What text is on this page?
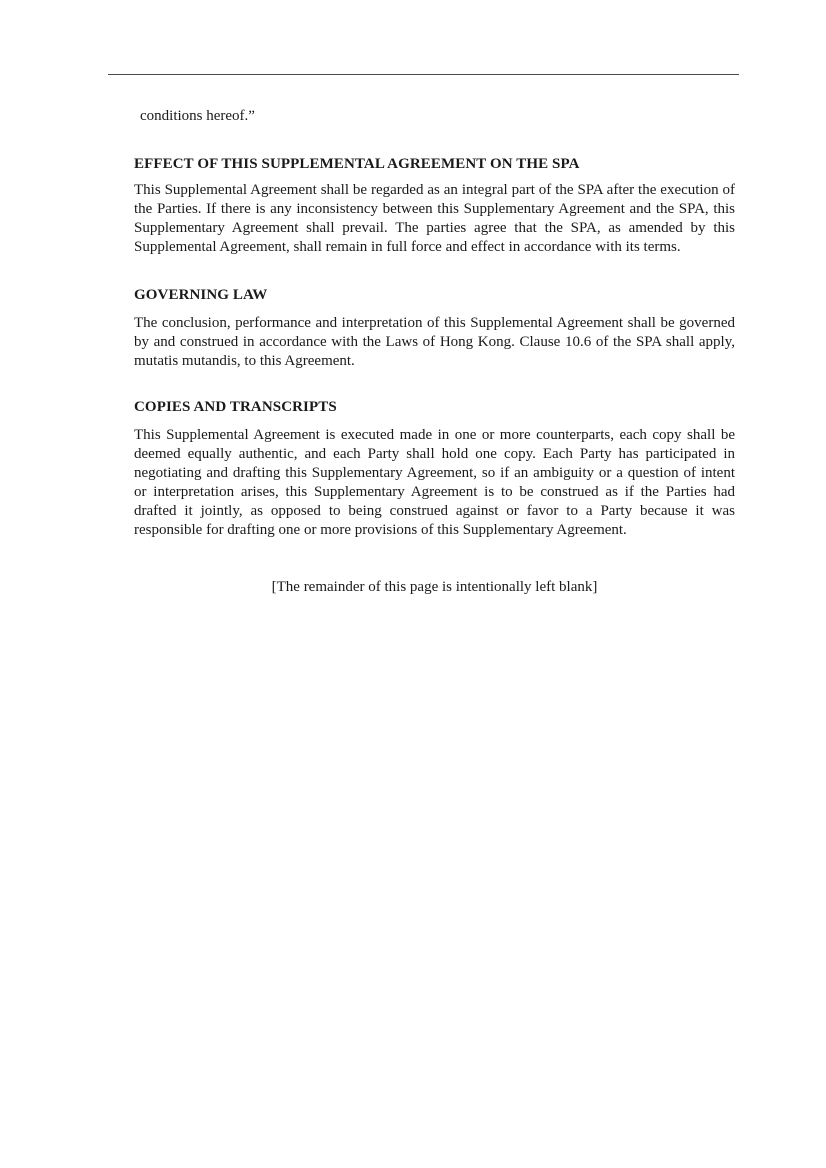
conditions hereof.”
EFFECT OF THIS SUPPLEMENTAL AGREEMENT ON THE SPA

This Supplemental Agreement shall be regarded as an integral part of the SPA after the execution of the Parties. If there is any inconsistency between this Supplementary Agreement and the SPA, this Supplementary Agreement shall prevail. The parties agree that the SPA, as amended by this Supplemental Agreement, shall remain in full force and effect in accordance with its terms.

GOVERNING LAW

The conclusion, performance and interpretation of this Supplemental Agreement shall be governed by and construed in accordance with the Laws of Hong Kong. Clause 10.6 of the SPA shall apply, mutatis mutandis, to this Agreement.

COPIES AND TRANSCRIPTS

This Supplemental Agreement is executed made in one or more counterparts, each copy shall be deemed equally authentic, and each Party shall hold one copy. Each Party has participated in negotiating and drafting this Supplementary Agreement, so if an ambiguity or a question of intent or interpretation arises, this Supplementary Agreement is to be construed as if the Parties had drafted it jointly, as opposed to being construed against or favor to a Party because it was responsible for drafting one or more provisions of this Supplementary Agreement.

[The remainder of this page is intentionally left blank]
